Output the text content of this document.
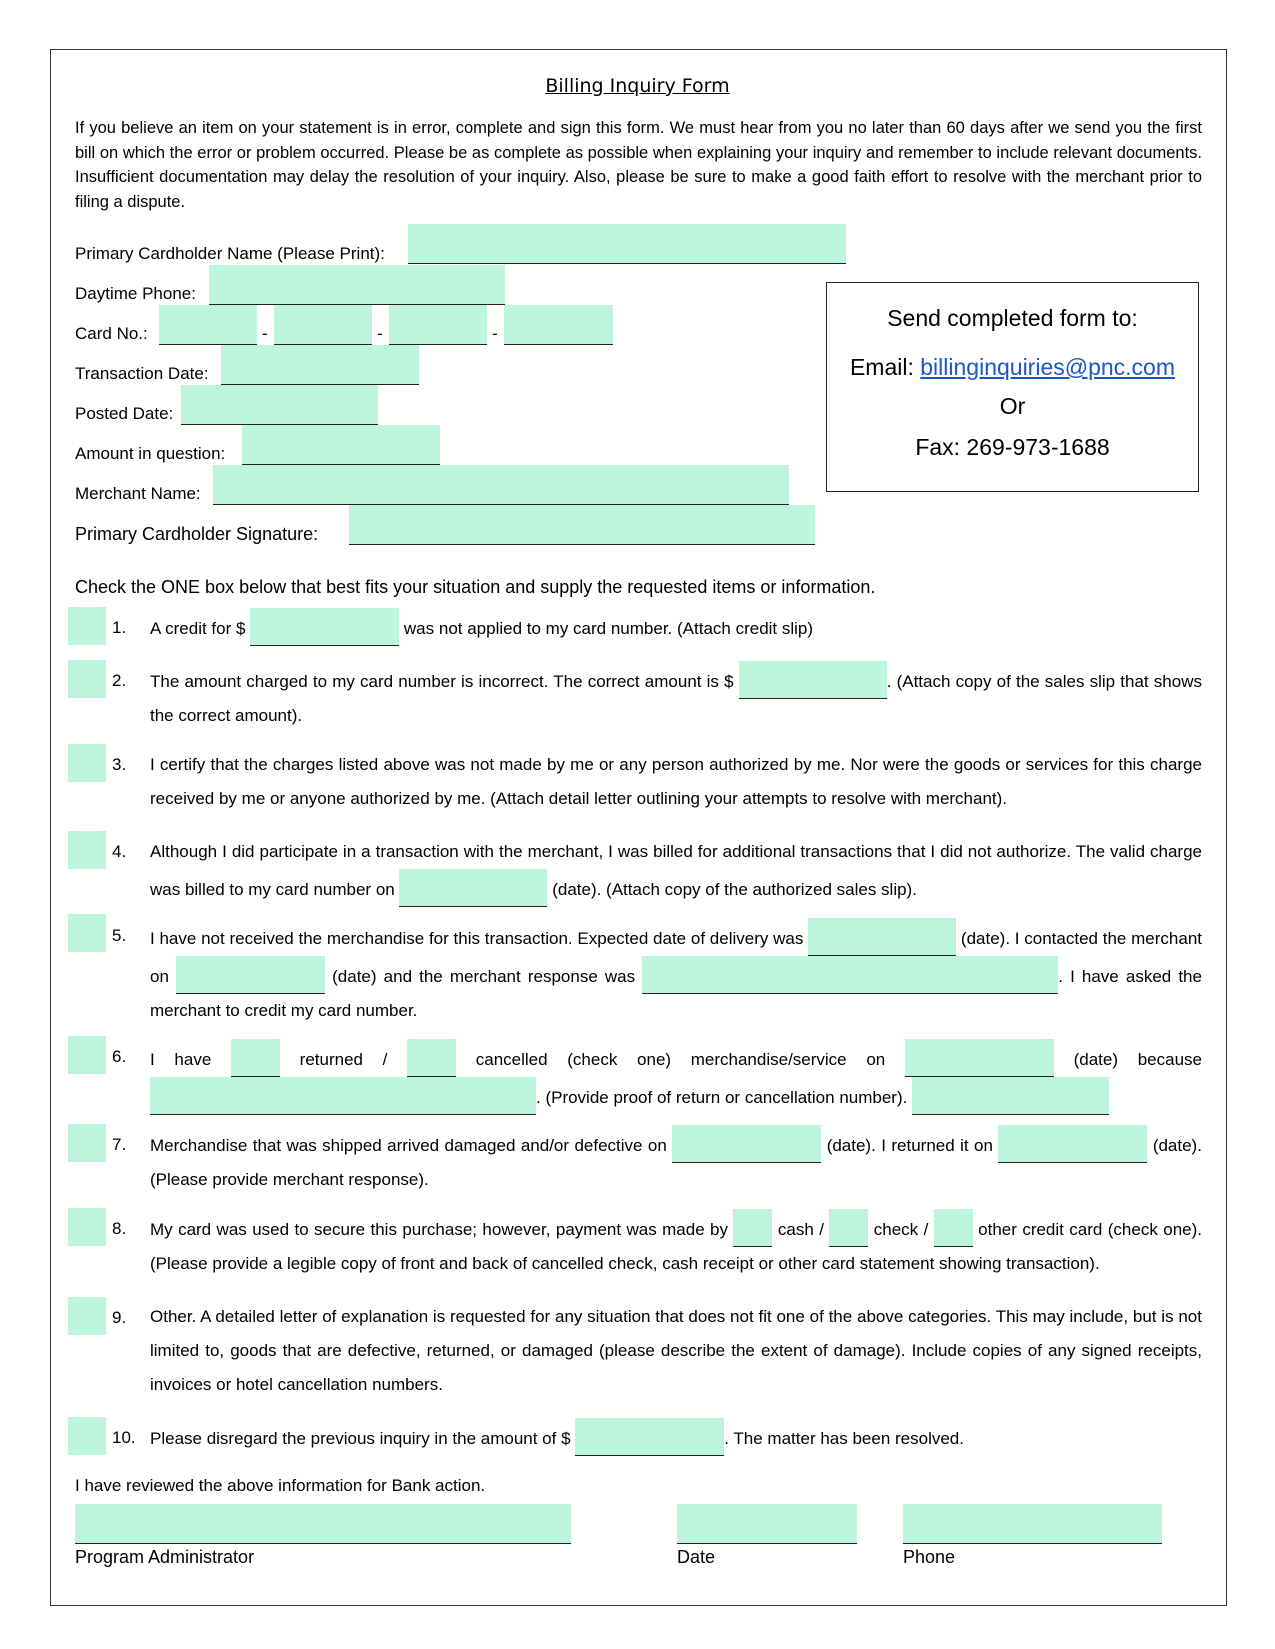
Billing Inquiry Form
If you believe an item on your statement is in error, complete and sign this form. We must hear from you no later than 60 days after we send you the first bill on which the error or problem occurred. Please be as complete as possible when explaining your inquiry and remember to include relevant documents. Insufficient documentation may delay the resolution of your inquiry. Also, please be sure to make a good faith effort to resolve with the merchant prior to filing a dispute.
Primary Cardholder Name (Please Print):
Daytime Phone:
Card No.:	-	-	-
Transaction Date:
Posted Date:
Amount in question:
Merchant Name:
Primary Cardholder Signature:
Send completed form to:
Email: billinginquiries@pnc.com
Or
Fax: 269-973-1688
Check the ONE box below that best fits your situation and supply the requested items or information.
1. A credit for $	was not applied to my card number. (Attach credit slip)
2. The amount charged to my card number is incorrect. The correct amount is $	. (Attach copy of the sales slip that shows the correct amount).
3. I certify that the charges listed above was not made by me or any person authorized by me. Nor were the goods or services for this charge received by me or anyone authorized by me. (Attach detail letter outlining your attempts to resolve with merchant).
4. Although I did participate in a transaction with the merchant, I was billed for additional transactions that I did not authorize. The valid charge was billed to my card number on	(date). (Attach copy of the authorized sales slip).
5. I have not received the merchandise for this transaction. Expected date of delivery was	(date). I contacted the merchant on	(date) and the merchant response was	. I have asked the merchant to credit my card number.
6. I have	returned /	cancelled (check one) merchandise/service on	(date) because . (Provide proof of return or cancellation number).
7. Merchandise that was shipped arrived damaged and/or defective on	(date). I returned it on	(date). (Please provide merchant response).
8. My card was used to secure this purchase; however, payment was made by	cash /	check /	other credit card (check one). (Please provide a legible copy of front and back of cancelled check, cash receipt or other card statement showing transaction).
9. Other. A detailed letter of explanation is requested for any situation that does not fit one of the above categories. This may include, but is not limited to, goods that are defective, returned, or damaged (please describe the extent of damage). Include copies of any signed receipts, invoices or hotel cancellation numbers.
10. Please disregard the previous inquiry in the amount of $	. The matter has been resolved.
I have reviewed the above information for Bank action.
Program Administrator	Date	Phone
